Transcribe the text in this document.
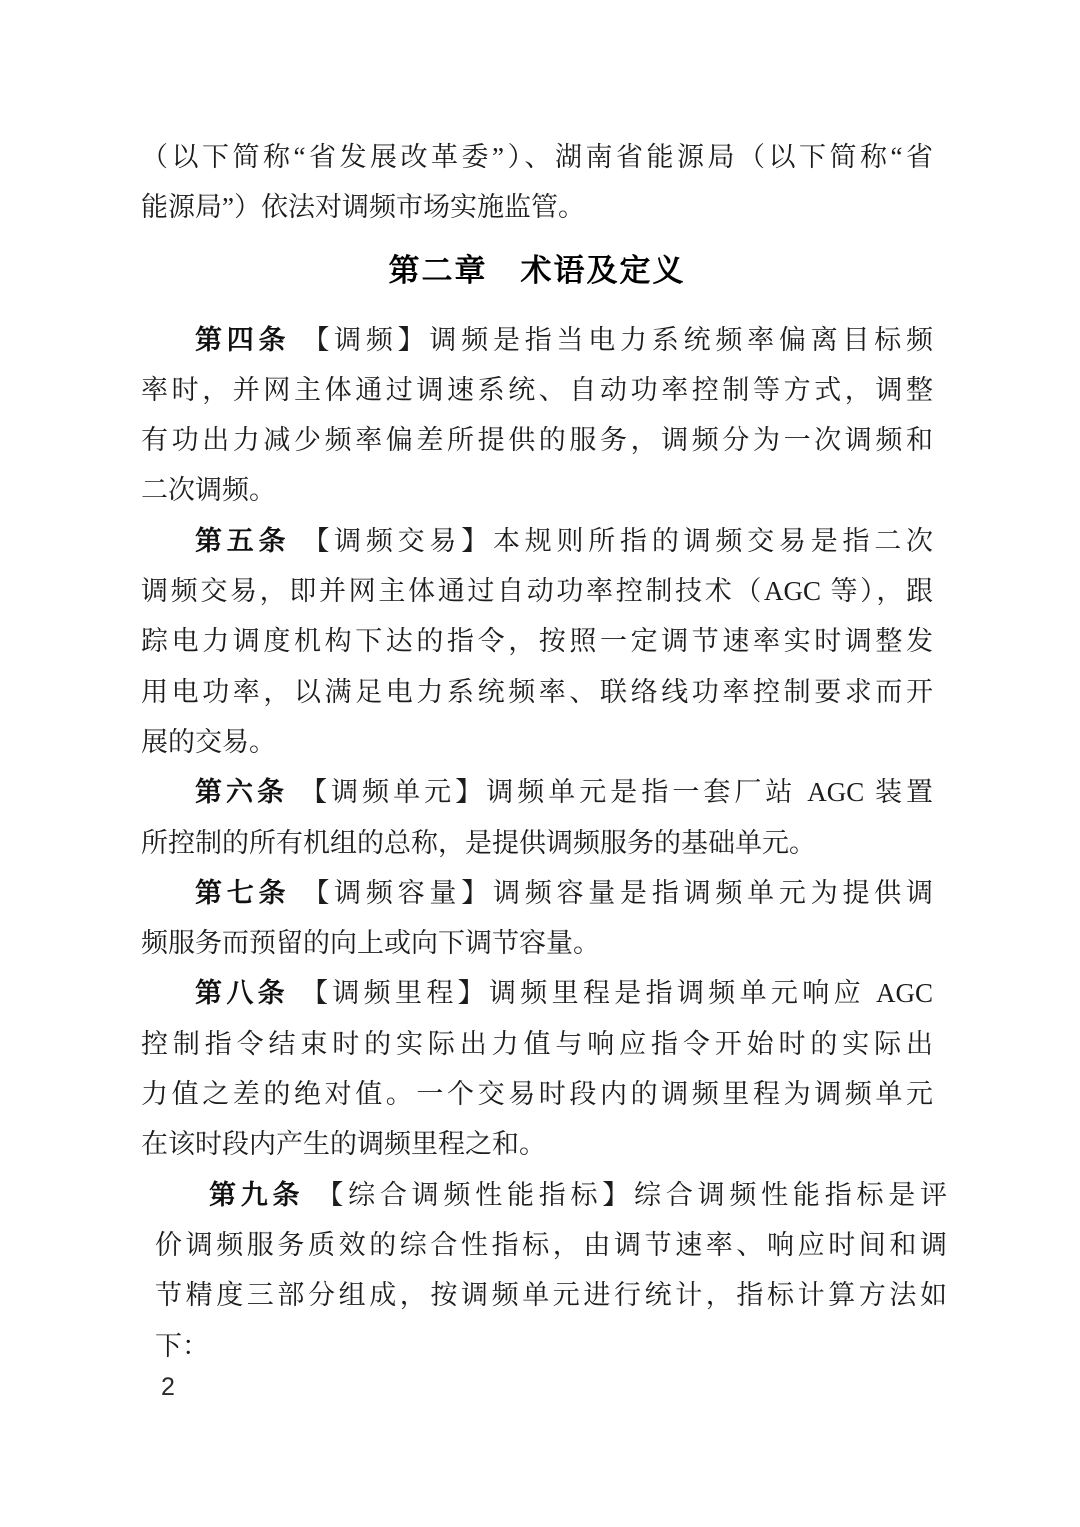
（以下简称“省发展改革委”）、湖南省能源局（以下简称“省
能源局”）依法对调频市场实施监管。
第二章　术语及定义
第四条 【调频】调频是指当电力系统频率偏离目标频
率时，并网主体通过调速系统、自动功率控制等方式，调整
有功出力减少频率偏差所提供的服务，调频分为一次调频和
二次调频。
第五条 【调频交易】本规则所指的调频交易是指二次
调频交易，即并网主体通过自动功率控制技术（AGC 等），跟
踪电力调度机构下达的指令，按照一定调节速率实时调整发
用电功率，以满足电力系统频率、联络线功率控制要求而开
展的交易。
第六条 【调频单元】调频单元是指一套厂站 AGC 装置
所控制的所有机组的总称，是提供调频服务的基础单元。
第七条 【调频容量】调频容量是指调频单元为提供调
频服务而预留的向上或向下调节容量。
第八条 【调频里程】调频里程是指调频单元响应 AGC
控制指令结束时的实际出力值与响应指令开始时的实际出
力值之差的绝对值。一个交易时段内的调频里程为调频单元
在该时段内产生的调频里程之和。
第九条 【综合调频性能指标】综合调频性能指标是评
价调频服务质效的综合性指标，由调节速率、响应时间和调
节精度三部分组成，按调频单元进行统计，指标计算方法如
下：
2
